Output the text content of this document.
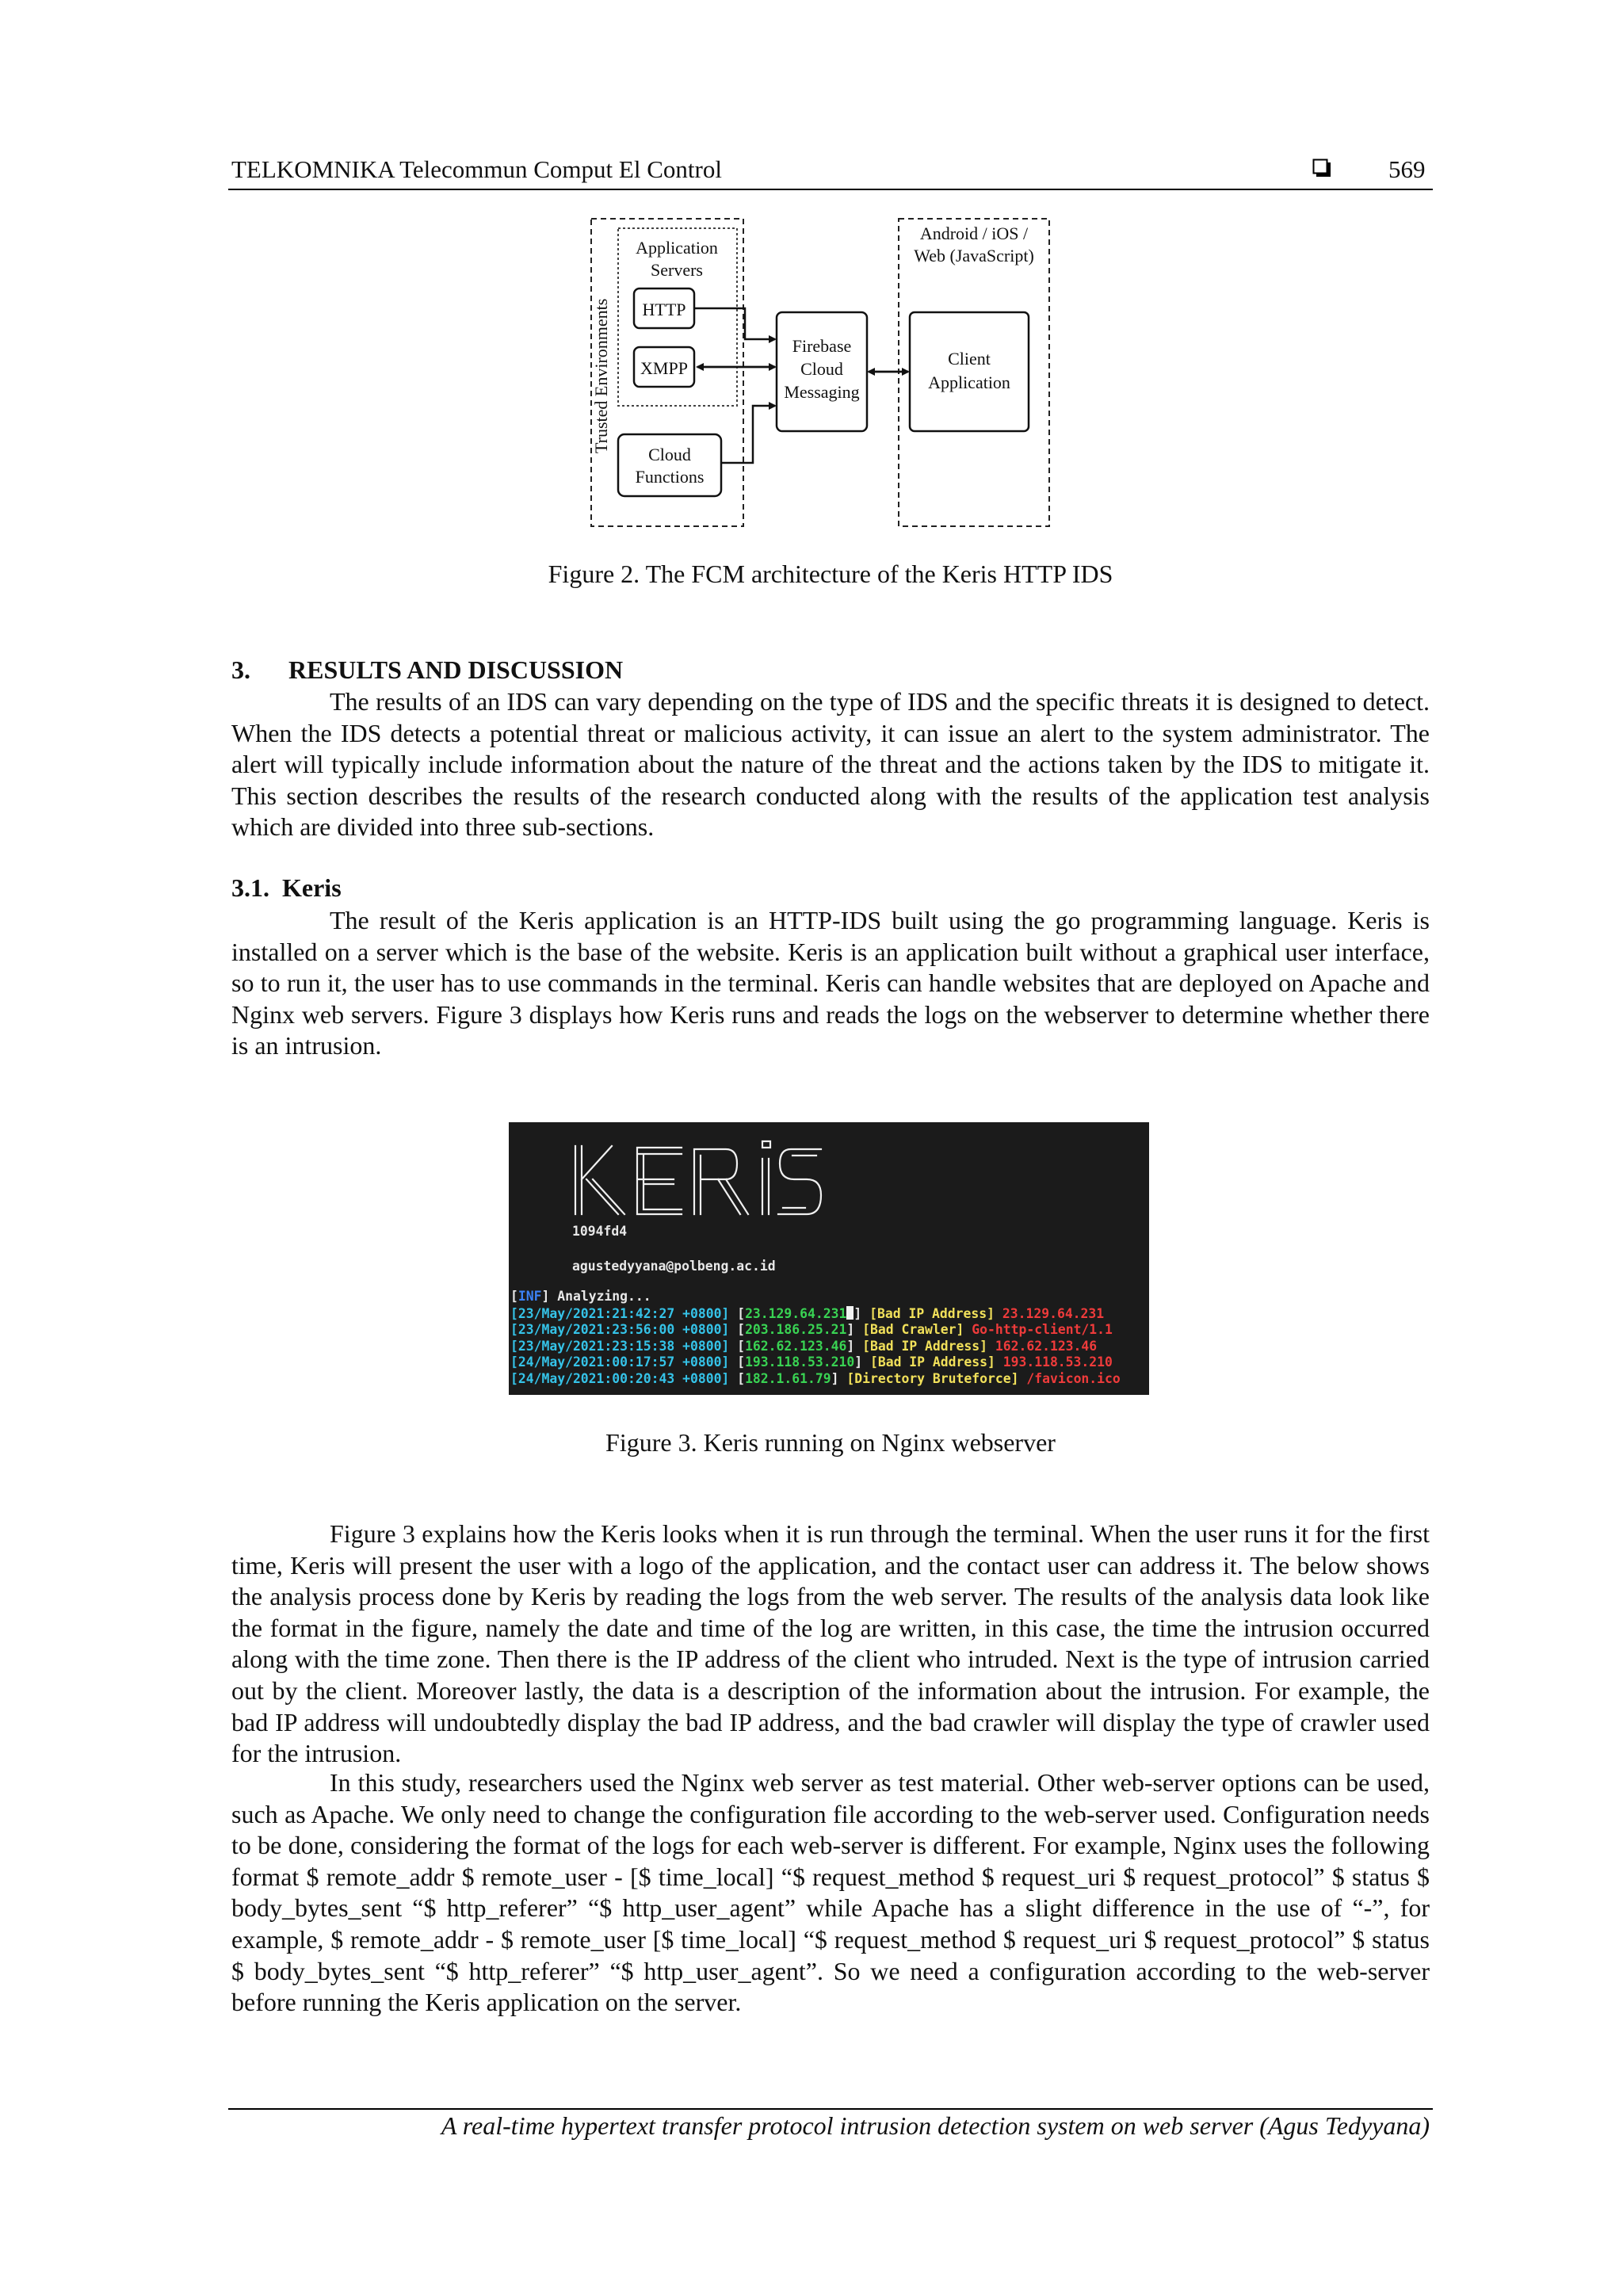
TELKOMNIKA Telecommun Comput El Control	569
Trusted Environments
Application
Servers
HTTP
XMPP
Cloud
Functions
Firebase
Cloud
Messaging
Android / iOS /
Web (JavaScript)
Client
Application
Figure 2. The FCM architecture of the Keris HTTP IDS
3.      RESULTS AND DISCUSSION
The results of an IDS can vary depending on the type of IDS and the specific threats it is designed to detect. When the IDS detects a potential threat or malicious activity, it can issue an alert to the system administrator. The alert will typically include information about the nature of the threat and the actions taken by the IDS to mitigate it. This section describes the results of the research conducted along with the results of the application test analysis which are divided into three sub-sections.
3.1.  Keris
The result of the Keris application is an HTTP-IDS built using the go programming language. Keris is installed on a server which is the base of the website. Keris is an application built without a graphical user interface, so to run it, the user has to use commands in the terminal. Keris can handle websites that are deployed on Apache and Nginx web servers. Figure 3 displays how Keris runs and reads the logs on the webserver to determine whether there is an intrusion.
1094fd4
agustedyyana@polbeng.ac.id
[INF] Analyzing...
[23/May/2021:21:42:27 +0800] [23.129.64.231 ] [Bad IP Address] 23.129.64.231
[23/May/2021:23:56:00 +0800] [203.186.25.21] [Bad Crawler] Go-http-client/1.1
[23/May/2021:23:15:38 +0800] [162.62.123.46] [Bad IP Address] 162.62.123.46
[24/May/2021:00:17:57 +0800] [193.118.53.210] [Bad IP Address] 193.118.53.210
[24/May/2021:00:20:43 +0800] [182.1.61.79] [Directory Bruteforce] /favicon.ico
Figure 3. Keris running on Nginx webserver
Figure 3 explains how the Keris looks when it is run through the terminal. When the user runs it for the first time, Keris will present the user with a logo of the application, and the contact user can address it. The below shows the analysis process done by Keris by reading the logs from the web server. The results of the analysis data look like the format in the figure, namely the date and time of the log are written, in this case, the time the intrusion occurred along with the time zone. Then there is the IP address of the client who intruded. Next is the type of intrusion carried out by the client. Moreover lastly, the data is a description of the information about the intrusion. For example, the bad IP address will undoubtedly display the bad IP address, and the bad crawler will display the type of crawler used for the intrusion.
In this study, researchers used the Nginx web server as test material. Other web-server options can be used, such as Apache. We only need to change the configuration file according to the web-server used. Configuration needs to be done, considering the format of the logs for each web-server is different. For example, Nginx uses the following format $ remote_addr $ remote_user - [$ time_local] “$ request_method $ request_uri $ request_protocol” $ status $ body_bytes_sent “$ http_referer” “$ http_user_agent” while Apache has a slight difference in the use of “-”, for example, $ remote_addr - $ remote_user [$ time_local] “$ request_method $ request_uri $ request_protocol” $ status $ body_bytes_sent “$ http_referer” “$ http_user_agent”. So we need a configuration according to the web-server before running the Keris application on the server.
A real-time hypertext transfer protocol intrusion detection system on web server (Agus Tedyyana)
